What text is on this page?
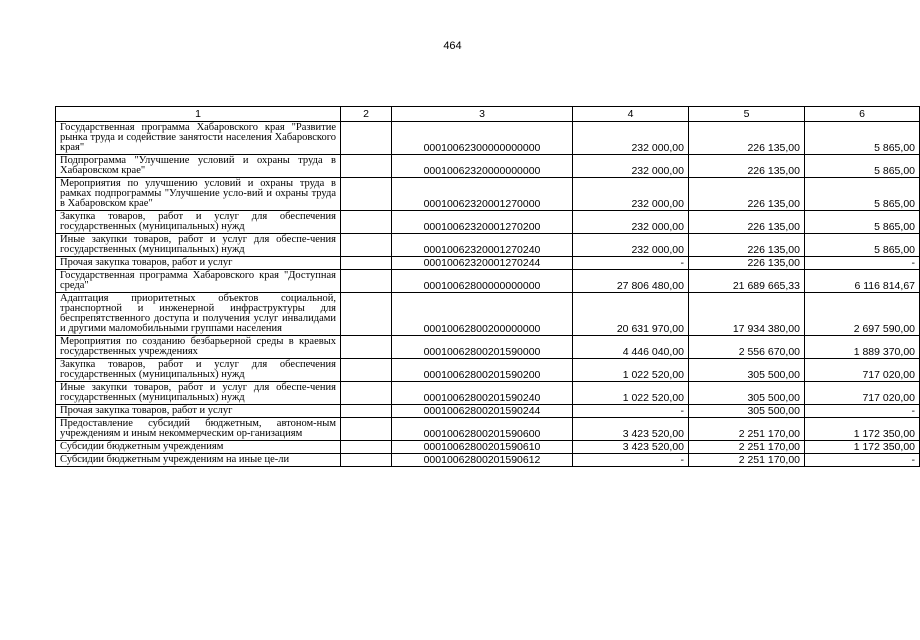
464
1	2	3	4	5	6
Государственная программа Хабаровского края "Развитие рынка труда и содействие занятости населения Хабаровского края"		00010062300000000000	232 000,00	226 135,00	5 865,00
Подпрограмма "Улучшение условий и охраны труда в Хабаровском крае"		00010062320000000000	232 000,00	226 135,00	5 865,00
Мероприятия по улучшению условий и охраны труда в рамках подпрограммы "Улучшение усло-вий и охраны труда в Хабаровском крае"		00010062320001270000	232 000,00	226 135,00	5 865,00
Закупка товаров, работ и услуг для обеспечения государственных (муниципальных) нужд		00010062320001270200	232 000,00	226 135,00	5 865,00
Иные закупки товаров, работ и услуг для обеспе-чения государственных (муниципальных) нужд		00010062320001270240	232 000,00	226 135,00	5 865,00
Прочая закупка товаров, работ и услуг		00010062320001270244	-	226 135,00	-
Государственная программа Хабаровского края "Доступная среда"		00010062800000000000	27 806 480,00	21 689 665,33	6 116 814,67
Адаптация приоритетных объектов социальной, транспортной и инженерной инфраструктуры для беспрепятственного доступа и получения услуг инвалидами и другими маломобильными группами населения		00010062800200000000	20 631 970,00	17 934 380,00	2 697 590,00
Мероприятия по созданию безбарьерной среды в краевых государственных учреждениях		00010062800201590000	4 446 040,00	2 556 670,00	1 889 370,00
Закупка товаров, работ и услуг для обеспечения государственных (муниципальных) нужд		00010062800201590200	1 022 520,00	305 500,00	717 020,00
Иные закупки товаров, работ и услуг для обеспе-чения государственных (муниципальных) нужд		00010062800201590240	1 022 520,00	305 500,00	717 020,00
Прочая закупка товаров, работ и услуг		00010062800201590244	-	305 500,00	-
Предоставление субсидий бюджетным, автоном-ным учреждениям и иным некоммерческим ор-ганизациям		00010062800201590600	3 423 520,00	2 251 170,00	1 172 350,00
Субсидии бюджетным учреждениям		00010062800201590610	3 423 520,00	2 251 170,00	1 172 350,00
Субсидии бюджетным учреждениям на иные це-ли		00010062800201590612	-	2 251 170,00	-
